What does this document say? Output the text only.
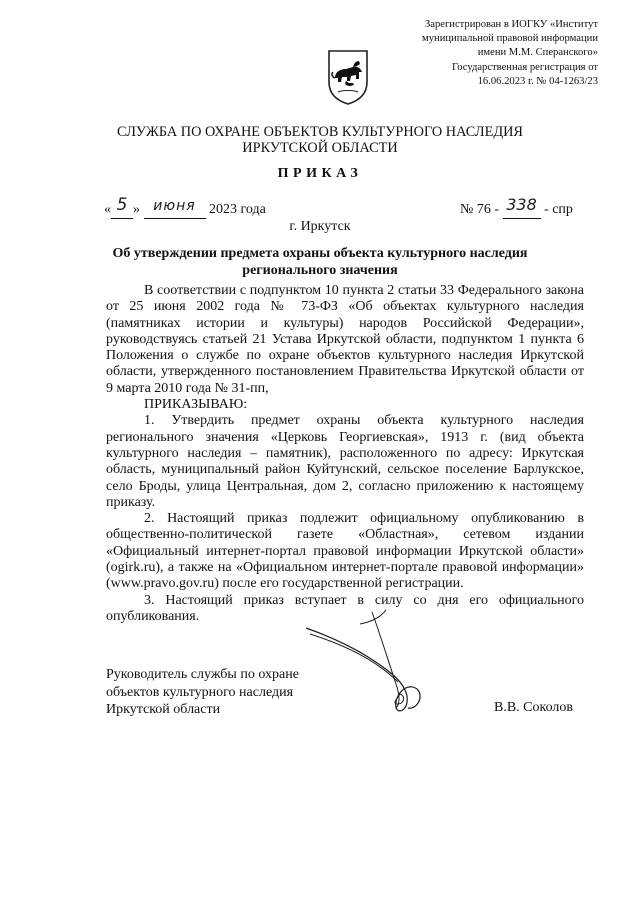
Зарегистрирован в ИОГКУ «Институт
муниципальной правовой информации
имени М.М. Сперанского»
Государственная регистрация от
16.06.2023 г. № 04-1263/23
СЛУЖБА ПО ОХРАНЕ ОБЪЕКТОВ КУЛЬТУРНОГО НАСЛЕДИЯ
ИРКУТСКОЙ ОБЛАСТИ
ПРИКАЗ
« 5 » июня 2023 года	№ 76 - 338 - спр
г. Иркутск
Об утверждении предмета охраны объекта культурного наследия
регионального значения

В соответствии с подпунктом 10 пункта 2 статьи 33 Федерального закона от 25 июня 2002 года № 73-ФЗ «Об объектах культурного наследия (памятниках истории и культуры) народов Российской Федерации», руководствуясь статьей 21 Устава Иркутской области, подпунктом 1 пункта 6 Положения о службе по охране объектов культурного наследия Иркутской области, утвержденного постановлением Правительства Иркутской области от 9 марта 2010 года № 31-пп,

ПРИКАЗЫВАЮ:

1. Утвердить предмет охраны объекта культурного наследия регионального значения «Церковь Георгиевская», 1913 г. (вид объекта культурного наследия – памятник), расположенного по адресу: Иркутская область, муниципальный район Куйтунский, сельское поселение Барлукское, село Броды, улица Центральная, дом 2, согласно приложению к настоящему приказу.

2. Настоящий приказ подлежит официальному опубликованию в общественно-политической газете «Областная», сетевом издании «Официальный интернет-портал правовой информации Иркутской области» (ogirk.ru), а также на «Официальном интернет-портале правовой информации» (www.pravo.gov.ru) после его государственной регистрации.

3. Настоящий приказ вступает в силу со дня его официального опубликования.

Руководитель службы по охране
объектов культурного наследия
Иркутской области	В.В. Соколов
